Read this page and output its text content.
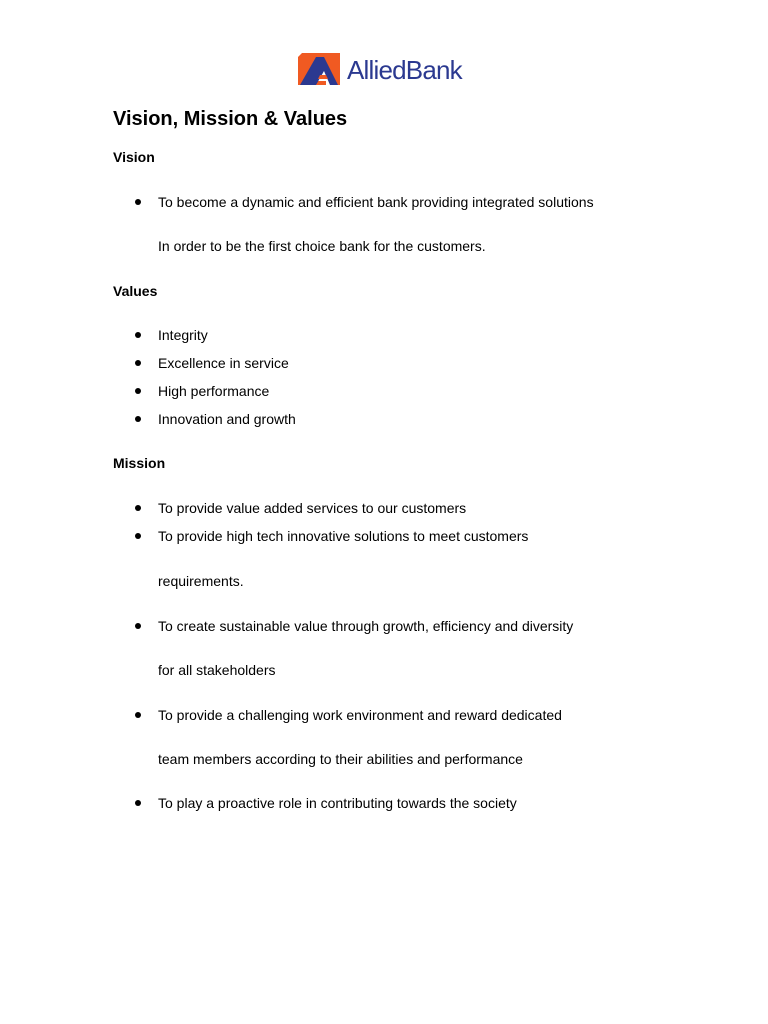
AlliedBank
Vision, Mission & Values
Vision
To become a dynamic and efficient bank providing integrated solutions
In order to be the first choice bank for the customers.
Values
Integrity
Excellence in service
High performance
Innovation and growth
Mission
To provide value added services to our customers
To provide high tech innovative solutions to meet customers
requirements.
To create sustainable value through growth, efficiency and diversity
for all stakeholders
To provide a challenging work environment and reward dedicated
team members according to their abilities and performance
To play a proactive role in contributing towards the society
